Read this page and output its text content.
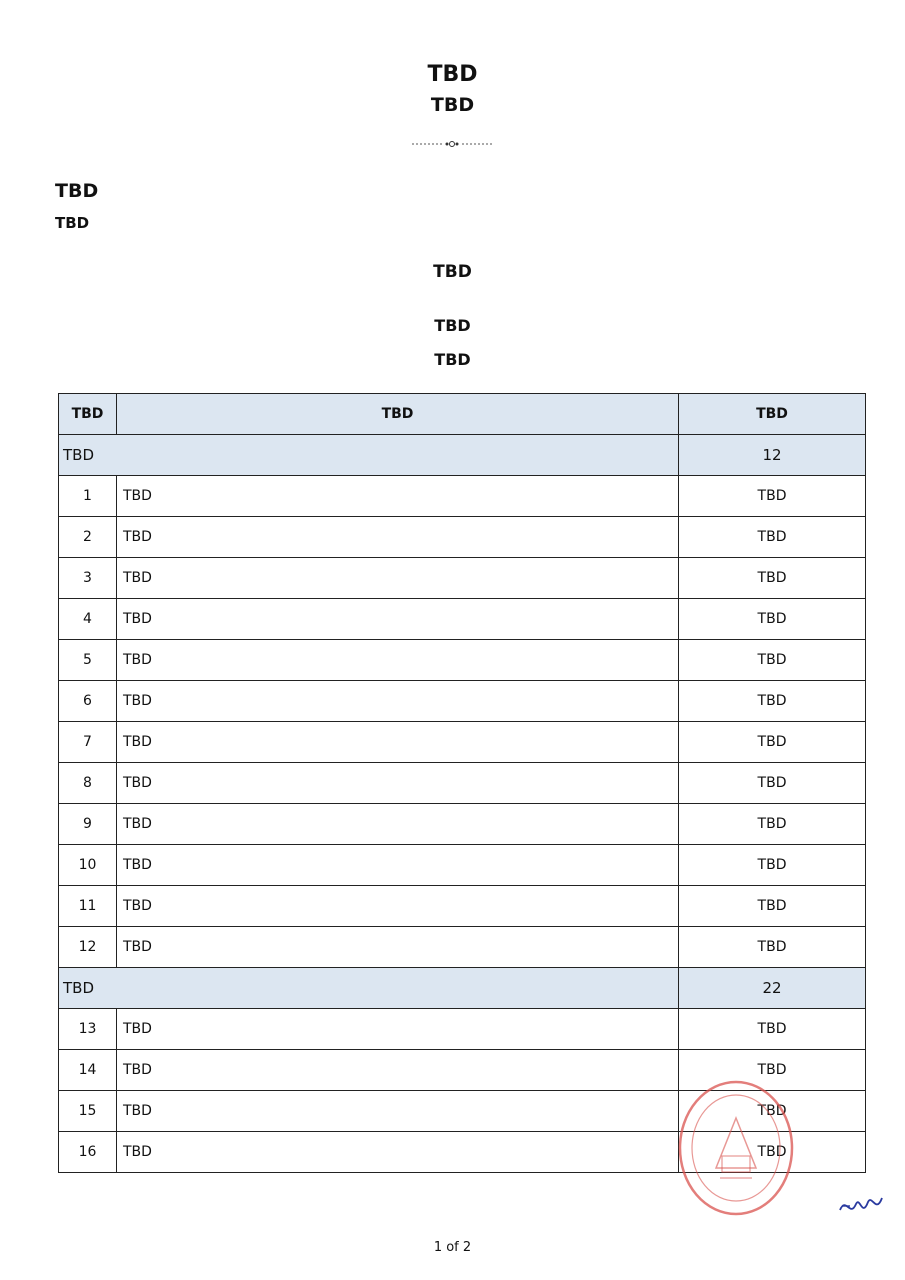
TBD
TBD
TBD
TBD
TBD
TBD
TBD
TBD	TBD	TBD
TBD		12
1	TBD	TBD
2	TBD	TBD
3	TBD	TBD
4	TBD	TBD
5	TBD	TBD
6	TBD	TBD
7	TBD	TBD
8	TBD	TBD
9	TBD	TBD
10	TBD	TBD
11	TBD	TBD
12	TBD	TBD
TBD		22
13	TBD	TBD
14	TBD	TBD
15	TBD	TBD
16	TBD	TBD
1 of 2
